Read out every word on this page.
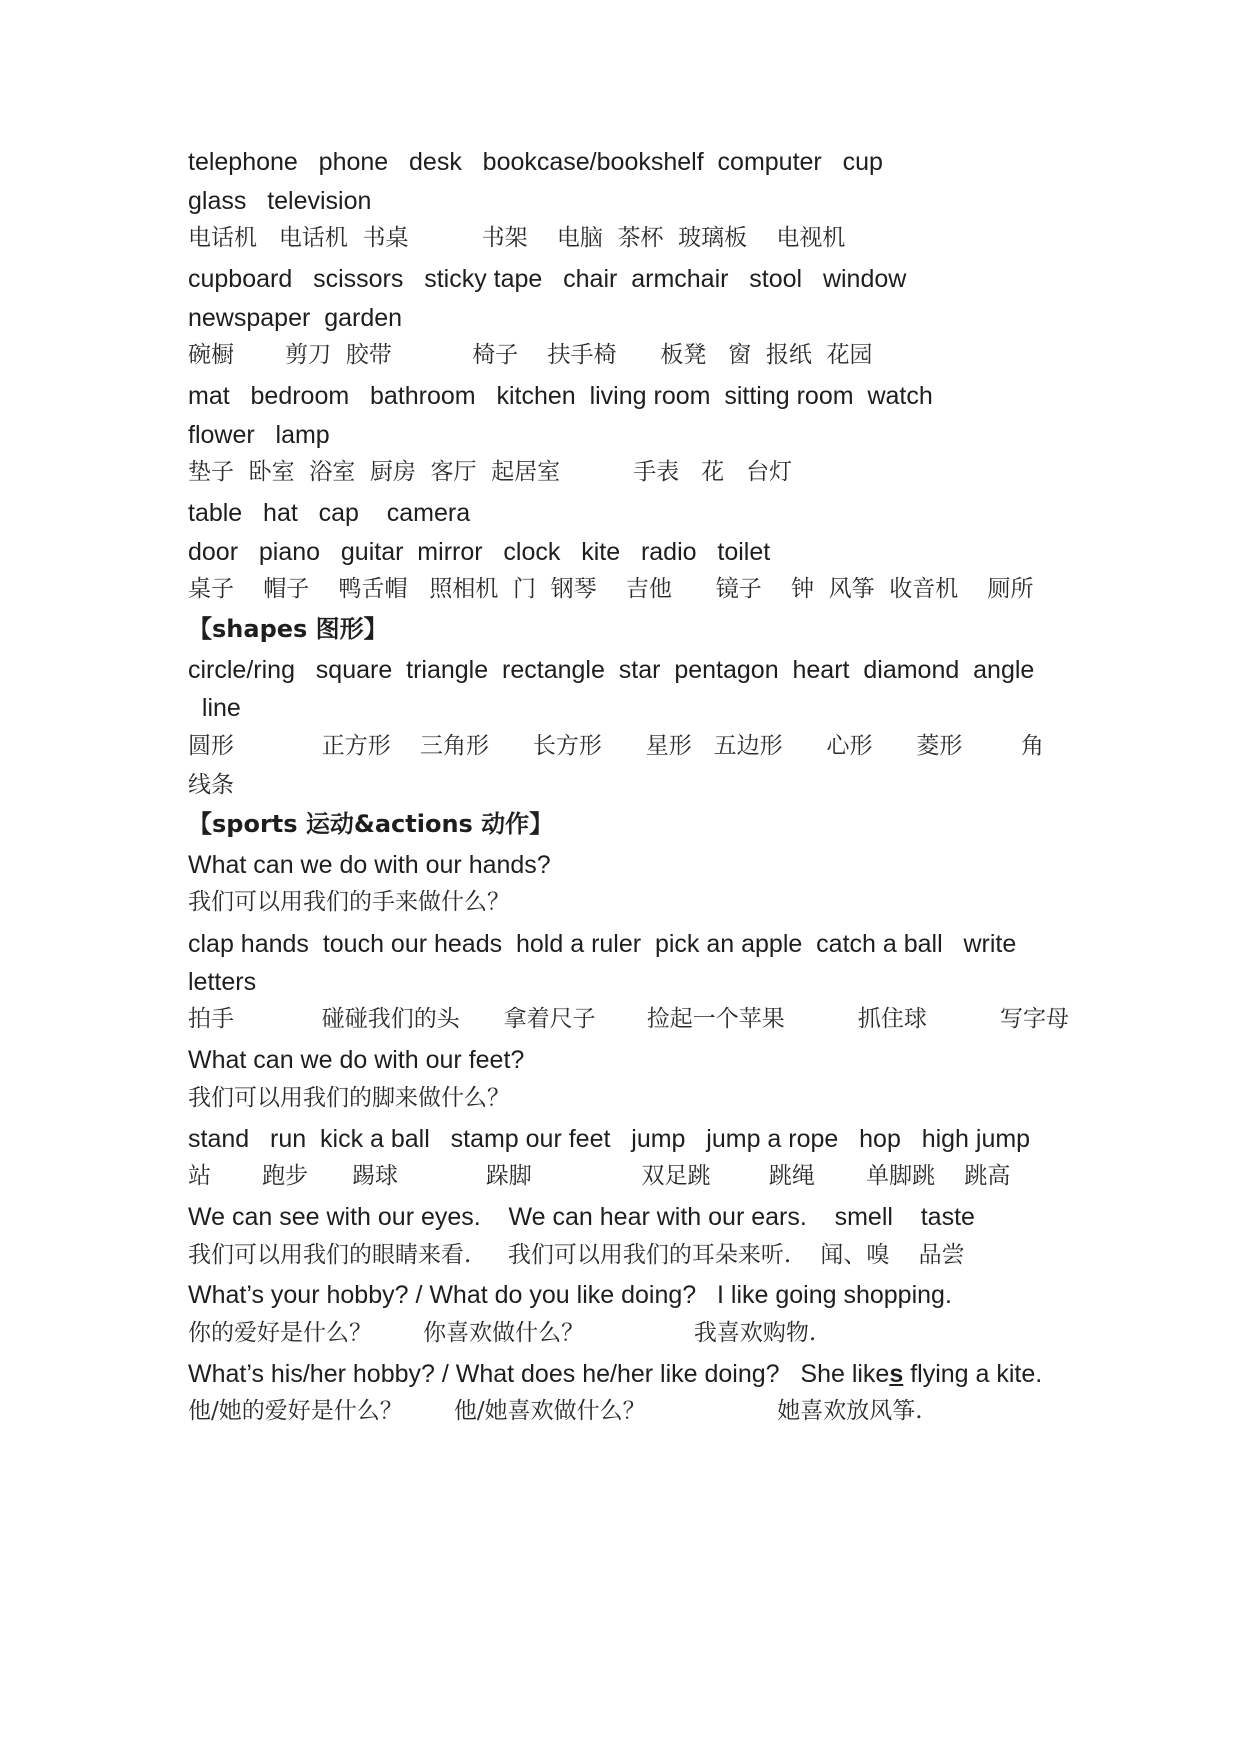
telephone   phone   desk   bookcase/bookshelf  computer   cup
glass   television
电话机   电话机  书桌          书架    电脑  茶杯  玻璃板    电视机
cupboard   scissors   sticky tape   chair  armchair   stool   window
newspaper  garden
碗橱       剪刀  胶带           椅子    扶手椅      板凳   窗  报纸  花园
mat   bedroom   bathroom   kitchen  living room  sitting room  watch
flower   lamp
垫子  卧室  浴室  厨房  客厅  起居室          手表   花   台灯
table   hat   cap    camera
door   piano   guitar  mirror   clock   kite   radio   toilet
桌子    帽子    鸭舌帽   照相机  门  钢琴    吉他      镜子    钟  风筝  收音机    厕所
【shapes 图形】
circle/ring   square  triangle  rectangle  star  pentagon  heart  diamond  angle
line
圆形            正方形    三角形      长方形      星形   五边形      心形      菱形        角
线条
【sports 运动&actions 动作】
What can we do with our hands?
我们可以用我们的手来做什么？
clap hands  touch our heads  hold a ruler  pick an apple  catch a ball   write
letters
拍手            碰碰我们的头      拿着尺子       捡起一个苹果          抓住球          写字母
What can we do with our feet?
我们可以用我们的脚来做什么？
stand   run  kick a ball   stamp our feet   jump   jump a rope   hop   high jump
站       跑步      踢球            跺脚               双足跳        跳绳       单脚跳    跳高
We can see with our eyes.    We can hear with our ears.    smell    taste
我们可以用我们的眼睛来看.     我们可以用我们的耳朵来听.    闻、嗅    品尝
What’s your hobby? / What do you like doing?   I like going shopping.
你的爱好是什么？       你喜欢做什么？               我喜欢购物.
What’s his/her hobby? / What does he/her like doing?   She likes flying a kite.
他/她的爱好是什么？       他/她喜欢做什么？                  她喜欢放风筝.
